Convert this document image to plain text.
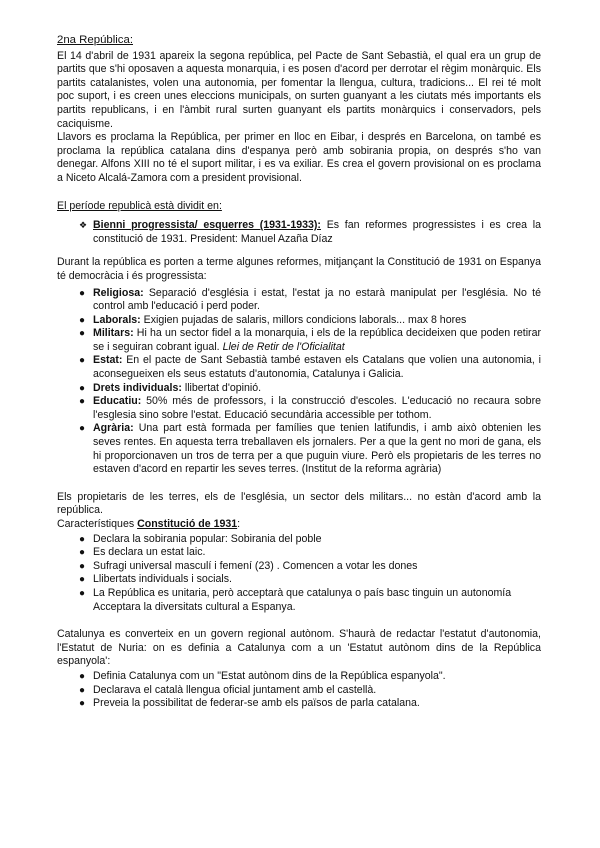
2na República:

El 14 d'abril de 1931 apareix la segona república, pel Pacte de Sant Sebastià, el qual era un grup de partits que s'hi oposaven a aquesta monarquia, i es posen d'acord per derrotar el règim monàrquic. Els partits catalanistes, volen una autonomia, per fomentar la llengua, cultura, tradicions... El rei té molt poc suport, i es creen unes eleccions municipals, on surten guanyant a les ciutats més importants els partits republicans, i en l'àmbit rural surten guanyant els partits monàrquics i conservadors, pels caciquisme.

Llavors es proclama la República, per primer en lloc en Eibar, i després en Barcelona, on també es proclama la república catalana dins d'espanya però amb sobirania propia, on després s'ho van denegar. Alfons XIII no té el suport militar, i es va exiliar. Es crea el govern provisional on es proclama a Niceto Alcalá-Zamora com a president provisional.

El període republicà està dividit en:

❖ Bienni progressista/ esquerres (1931-1933): Es fan reformes progressistes i es crea la constitució de 1931. President: Manuel Azaña Díaz

Durant la república es porten a terme algunes reformes, mitjançant la Constitució de 1931 on Espanya té democràcia i és progressista:

● Religiosa: Separació d'església i estat, l'estat ja no estarà manipulat per l'església. No té control amb l'educació i perd poder.
● Laborals: Exigien pujadas de salaris, millors condicions laborals... max 8 hores
● Militars: Hi ha un sector fidel a la monarquia, i els de la república decideixen que poden retirar se i seguiran cobrant igual. Llei de Retir de l'Oficialitat
● Estat: En el pacte de Sant Sebastià també estaven els Catalans que volien una autonomia, i aconsegueixen els seus estatuts d'autonomia, Catalunya i Galicia.
● Drets individuals: llibertat d'opinió.
● Educatiu: 50% més de professors, i la construcció d'escoles. L'educació no recaura sobre l'esglesia sino sobre l'estat. Educació secundària accessible per tothom.
● Agrària: Una part està formada per famílies que tenien latifundis, i amb això obtenien les seves rentes. En aquesta terra treballaven els jornalers. Per a que la gent no mori de gana, els hi proporcionaven un tros de terra per a que puguin viure. Però els propietaris de les terres no estaven d'acord en repartir les seves terres. (Institut de la reforma agrària)

Els propietaris de les terres, els de l'església, un sector dels militars... no estàn d'acord amb la república.

Característiques Constitució de 1931:

● Declara la sobirania popular: Sobirania del poble
● Es declara un estat laic.
● Sufragi universal masculí i femení (23) . Comencen a votar les dones
● Llibertats individuals i socials.
● La República es unitaria, però acceptarà que catalunya o país basc tinguin un autonomía Acceptara la diversitats cultural a Espanya.

Catalunya es converteix en un govern regional autònom. S'haurà de redactar l'estatut d'autonomia, l'Estatut de Nuria: on es definia a Catalunya com a un 'Estatut autònom dins de la República espanyola':

● Definia Catalunya com un "Estat autònom dins de la República espanyola".
● Declarava el català llengua oficial juntament amb el castellà.
● Preveia la possibilitat de federar-se amb els països de parla catalana.
